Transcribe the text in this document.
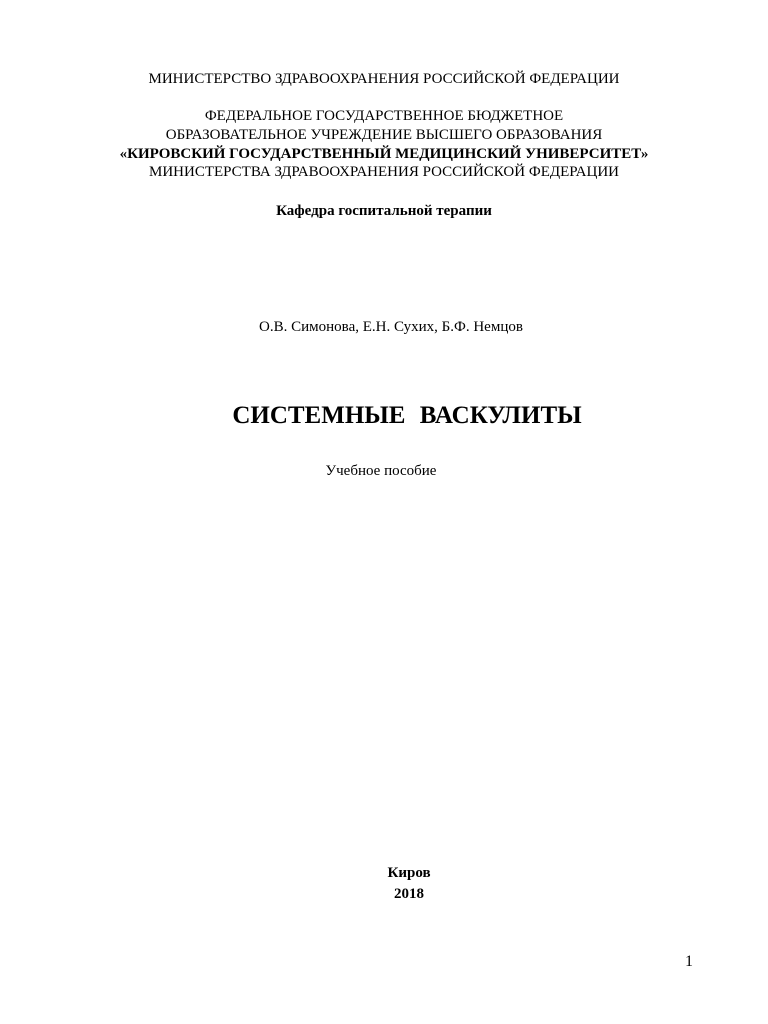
МИНИСТЕРСТВО ЗДРАВООХРАНЕНИЯ РОССИЙСКОЙ ФЕДЕРАЦИИ
ФЕДЕРАЛЬНОЕ ГОСУДАРСТВЕННОЕ БЮДЖЕТНОЕ
ОБРАЗОВАТЕЛЬНОЕ УЧРЕЖДЕНИЕ ВЫСШЕГО ОБРАЗОВАНИЯ
«КИРОВСКИЙ ГОСУДАРСТВЕННЫЙ МЕДИЦИНСКИЙ УНИВЕРСИТЕТ»
МИНИСТЕРСТВА ЗДРАВООХРАНЕНИЯ РОССИЙСКОЙ ФЕДЕРАЦИИ
Кафедра госпитальной терапии
О.В. Симонова, Е.Н. Сухих, Б.Ф. Немцов
СИСТЕМНЫЕ ВАСКУЛИТЫ
Учебное пособие
Киров
2018
1
